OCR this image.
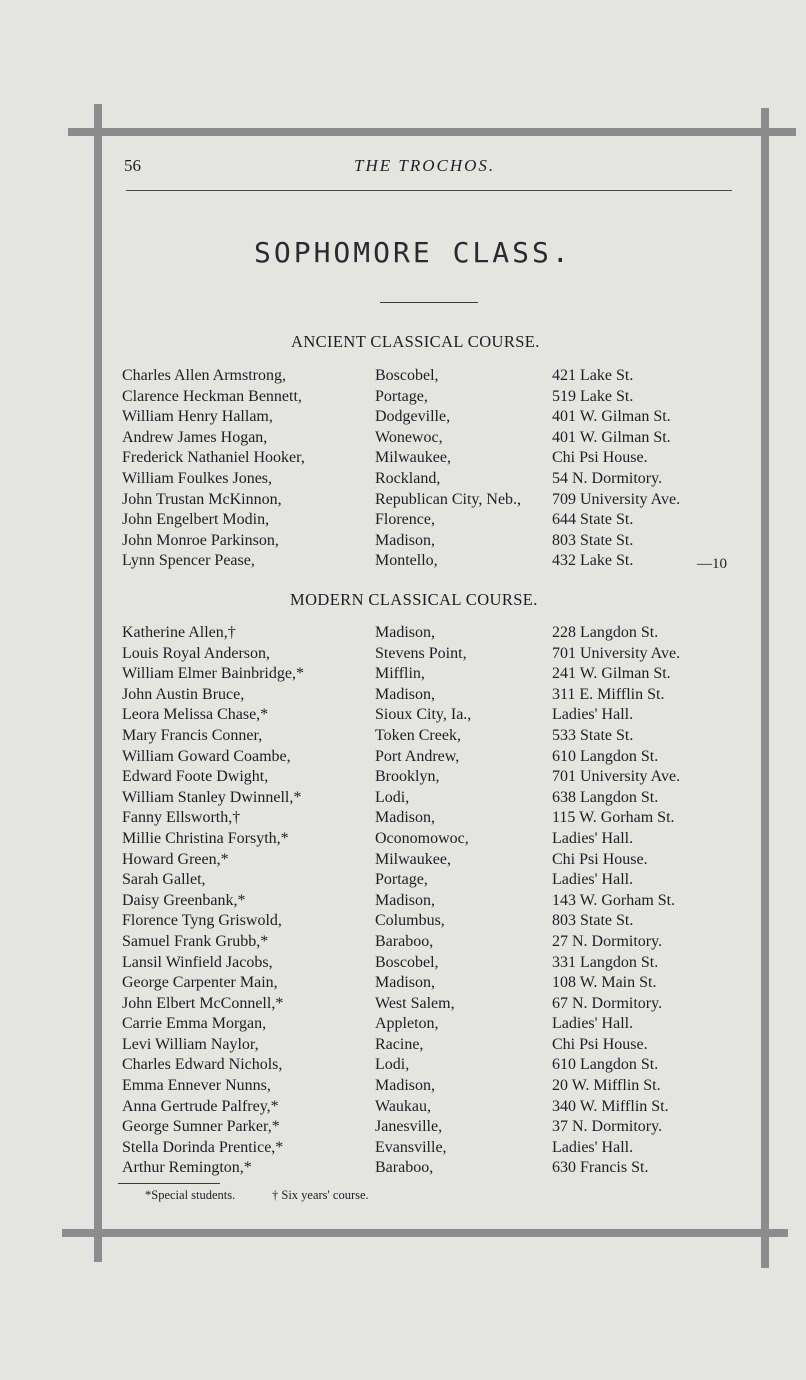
56	THE TROCHOS.
SOPHOMORE CLASS.
ANCIENT CLASSICAL COURSE.
Charles Allen Armstrong,	Boscobel,	421 Lake St.
Clarence Heckman Bennett,	Portage,	519 Lake St.
William Henry Hallam,	Dodgeville,	401 W. Gilman St.
Andrew James Hogan,	Wonewoc,	401 W. Gilman St.
Frederick Nathaniel Hooker,	Milwaukee,	Chi Psi House.
William Foulkes Jones,	Rockland,	54 N. Dormitory.
John Trustan McKinnon,	Republican City, Neb., 709 University Ave.
John Engelbert Modin,	Florence,	644 State St.
John Monroe Parkinson,	Madison,	803 State St.
Lynn Spencer Pease,	Montello,	432 Lake St.	—10
MODERN CLASSICAL COURSE.
Katherine Allen,†	Madison,	228 Langdon St.
Louis Royal Anderson,	Stevens Point,	701 University Ave.
William Elmer Bainbridge,*	Mifflin,	241 W. Gilman St.
John Austin Bruce,	Madison,	311 E. Mifflin St.
Leora Melissa Chase,*	Sioux City, Ia.,	Ladies' Hall.
Mary Francis Conner,	Token Creek,	533 State St.
William Goward Coambe,	Port Andrew,	610 Langdon St.
Edward Foote Dwight,	Brooklyn,	701 University Ave.
William Stanley Dwinnell,*	Lodi,	638 Langdon St.
Fanny Ellsworth,†	Madison,	115 W. Gorham St.
Millie Christina Forsyth,*	Oconomowoc,	Ladies' Hall.
Howard Green,*	Milwaukee,	Chi Psi House.
Sarah Gallet,	Portage,	Ladies' Hall.
Daisy Greenbank,*	Madison,	143 W. Gorham St.
Florence Tyng Griswold,	Columbus,	803 State St.
Samuel Frank Grubb,*	Baraboo,	27 N. Dormitory.
Lansil Winfield Jacobs,	Boscobel,	331 Langdon St.
George Carpenter Main,	Madison,	108 W. Main St.
John Elbert McConnell,*	West Salem,	67 N. Dormitory.
Carrie Emma Morgan,	Appleton,	Ladies' Hall.
Levi William Naylor,	Racine,	Chi Psi House.
Charles Edward Nichols,	Lodi,	610 Langdon St.
Emma Ennever Nunns,	Madison,	20 W. Mifflin St.
Anna Gertrude Palfrey,*	Waukau,	340 W. Mifflin St.
George Sumner Parker,*	Janesville,	37 N. Dormitory.
Stella Dorinda Prentice,*	Evansville,	Ladies' Hall.
Arthur Remington,*	Baraboo,	630 Francis St.
*Special students.	† Six years' course.
